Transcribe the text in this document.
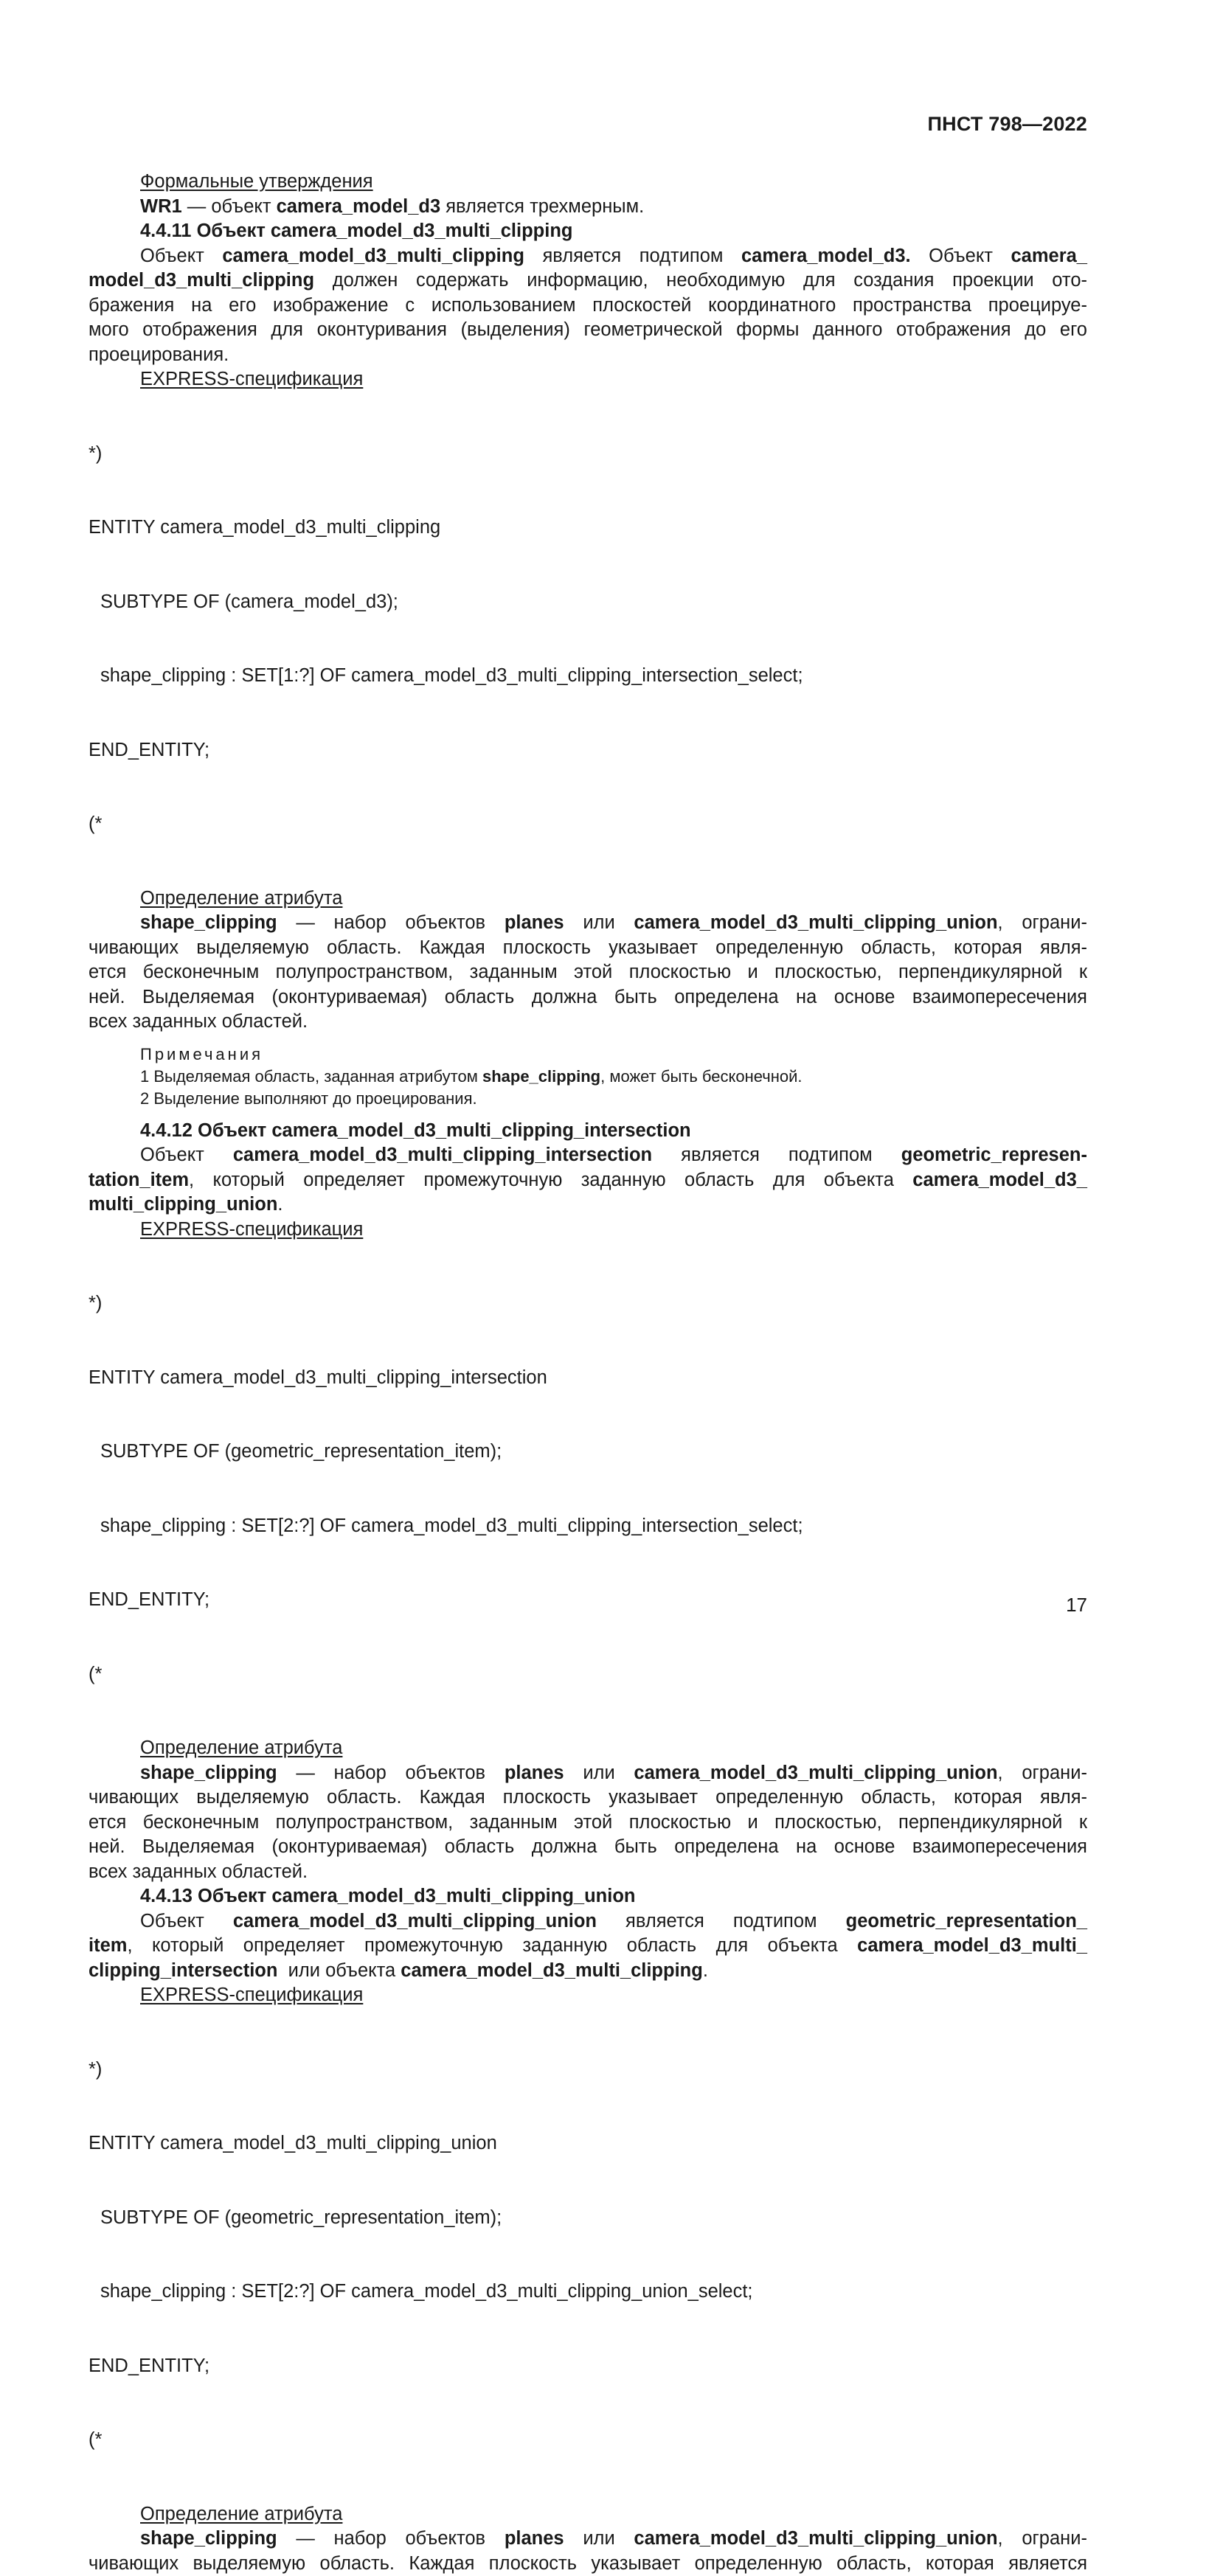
ПНСТ 798—2022
Формальные утверждения
WR1 — объект camera_model_d3 является трехмерным.
4.4.11 Объект camera_model_d3_multi_clipping
Объект camera_model_d3_multi_clipping является подтипом camera_model_d3. Объект camera_
model_d3_multi_clipping должен содержать информацию, необходимую для создания проекции ото-
бражения на его изображение с использованием плоскостей координатного пространства проецируе-
мого отображения для оконтуривания (выделения) геометрической формы данного отображения до его
проецирования.
EXPRESS-спецификация

*)

ENTITY camera_model_d3_multi_clipping

SUBTYPE OF (camera_model_d3);

shape_clipping : SET[1:?] OF camera_model_d3_multi_clipping_intersection_select;

END_ENTITY;

(*

Определение атрибута
shape_clipping — набор объектов planes или camera_model_d3_multi_clipping_union, ограни-
чивающих выделяемую область. Каждая плоскость указывает определенную область, которая явля-
ется бесконечным полупространством, заданным этой плоскостью и плоскостью, перпендикулярной к
ней. Выделяемая (оконтуриваемая) область должна быть определена на основе взаимопересечения
всех заданных областей.
Примечания
1 Выделяемая область, заданная атрибутом shape_clipping, может быть бесконечной.
2 Выделение выполняют до проецирования.
4.4.12 Объект camera_model_d3_multi_clipping_intersection
Объект camera_model_d3_multi_clipping_intersection является подтипом geometric_represen-
tation_item, который определяет промежуточную заданную область для объекта camera_model_d3_
multi_clipping_union.
EXPRESS-спецификация

*)

ENTITY camera_model_d3_multi_clipping_intersection

SUBTYPE OF (geometric_representation_item);

shape_clipping : SET[2:?] OF camera_model_d3_multi_clipping_intersection_select;

END_ENTITY;

(*

Определение атрибута
shape_clipping — набор объектов planes или camera_model_d3_multi_clipping_union, ограни-
чивающих выделяемую область. Каждая плоскость указывает определенную область, которая явля-
ется бесконечным полупространством, заданным этой плоскостью и плоскостью, перпендикулярной к
ней. Выделяемая (оконтуриваемая) область должна быть определена на основе взаимопересечения
всех заданных областей.
4.4.13 Объект camera_model_d3_multi_clipping_union
Объект camera_model_d3_multi_clipping_union является подтипом geometric_representation_
item, который определяет промежуточную заданную область для объекта camera_model_d3_multi_
clipping_intersection  или объекта camera_model_d3_multi_clipping.
EXPRESS-спецификация

*)

ENTITY camera_model_d3_multi_clipping_union

SUBTYPE OF (geometric_representation_item);

shape_clipping : SET[2:?] OF camera_model_d3_multi_clipping_union_select;

END_ENTITY;

(*

Определение атрибута
shape_clipping — набор объектов planes или camera_model_d3_multi_clipping_union, ограни-
чивающих выделяемую область. Каждая плоскость указывает определенную область, которая является
17
